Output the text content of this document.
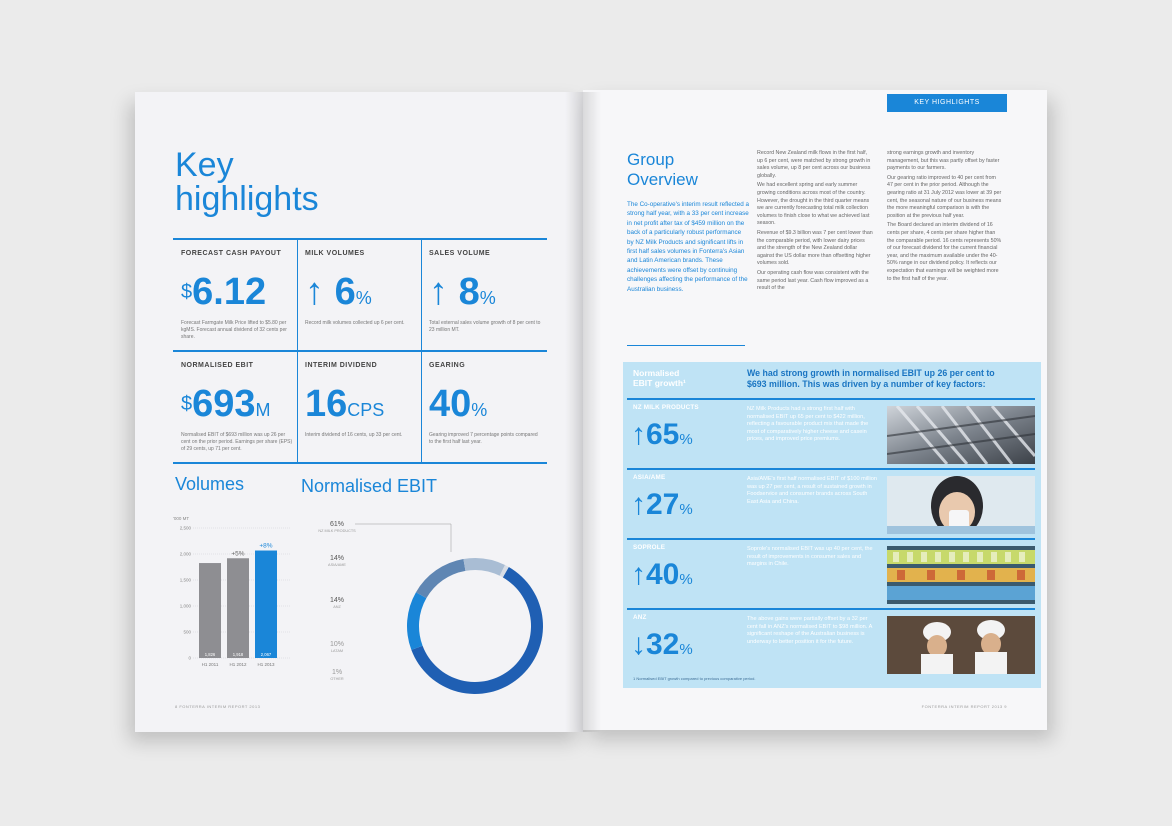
Key
highlights
FORECAST CASH PAYOUT
$6.12
Forecast Farmgate Milk Price lifted to $5.80 per kgMS. Forecast annual dividend of 32 cents per share.
MILK VOLUMES
↑ 6%
Record milk volumes collected up 6 per cent.
SALES VOLUME
↑ 8%
Total external sales volume growth of 8 per cent to 23 million MT.
NORMALISED EBIT
$693M
Normalised EBIT of $693 million was up 26 per cent on the prior period. Earnings per share (EPS) of 29 cents, up 71 per cent.
INTERIM DIVIDEND
16CPS
Interim dividend of 16 cents, up 33 per cent.
GEARING
40%
Gearing improved 7 percentage points compared to the first half last year.
Volumes	Normalised EBIT
'000 MT
0
500
1,000
1,500
2,000
2,500
1,826
H1 2011
1,918
H1 2012
+5%
2,067
H1 2013
+8%
61%
NZ MILK PRODUCTS
14%
ASIA/AME
14%
ANZ
10%
LATAM
1%
OTHER
8 FONTERRA INTERIM REPORT 2013
KEY HIGHLIGHTS
Group
Overview
The Co-operative's interim result reflected a strong half year, with a 33 per cent increase in net profit after tax of $459 million on the back of a particularly robust performance by NZ Milk Products and significant lifts in first half sales volumes in Fonterra's Asian and Latin American brands. These achievements were offset by continuing challenges affecting the performance of the Australian business.

Record New Zealand milk flows in the first half, up 6 per cent, were matched by strong growth in sales volume, up 8 per cent across our business globally.

We had excellent spring and early summer growing conditions across most of the country. However, the drought in the third quarter means we are currently forecasting total milk collection volumes to finish close to what we achieved last season.

Revenue of $9.3 billion was 7 per cent lower than the comparable period, with lower dairy prices and the strength of the New Zealand dollar against the US dollar more than offsetting higher volumes sold.

Our operating cash flow was consistent with the same period last year. Cash flow improved as a result of the

strong earnings growth and inventory management, but this was partly offset by faster payments to our farmers.

Our gearing ratio improved to 40 per cent from 47 per cent in the prior period. Although the gearing ratio at 31 July 2012 was lower at 39 per cent, the seasonal nature of our business means the more meaningful comparison is with the position at the previous half year.

The Board declared an interim dividend of 16 cents per share, 4 cents per share higher than the comparable period. 16 cents represents 50% of our forecast dividend for the current financial year, and the maximum available under the 40-50% range in our dividend policy. It reflects our expectation that earnings will be weighted more to the first half of the year.

Normalised
EBIT growth¹
We had strong growth in normalised EBIT up 26 per cent to $693 million. This was driven by a number of key factors:
NZ MILK PRODUCTS
↑65%
NZ Milk Products had a strong first half with normalised EBIT up 65 per cent to $422 million, reflecting a favourable product mix that made the most of comparatively higher cheese and casein prices, and improved price premiums.
ASIA/AME
↑27%
Asia/AME's first half normalised EBIT of $100 million was up 27 per cent, a result of sustained growth in Foodservice and consumer brands across South East Asia and China.
SOPROLE
↑40%
Soprole's normalised EBIT was up 40 per cent, the result of improvements in consumer sales and margins in Chile.
ANZ
↓32%
The above gains were partially offset by a 32 per cent fall in ANZ's normalised EBIT to $98 million. A significant reshape of the Australian business is underway to better position it for the future.
1 Normalised EBIT growth compared to previous comparative period.
FONTERRA INTERIM REPORT 2013 9
